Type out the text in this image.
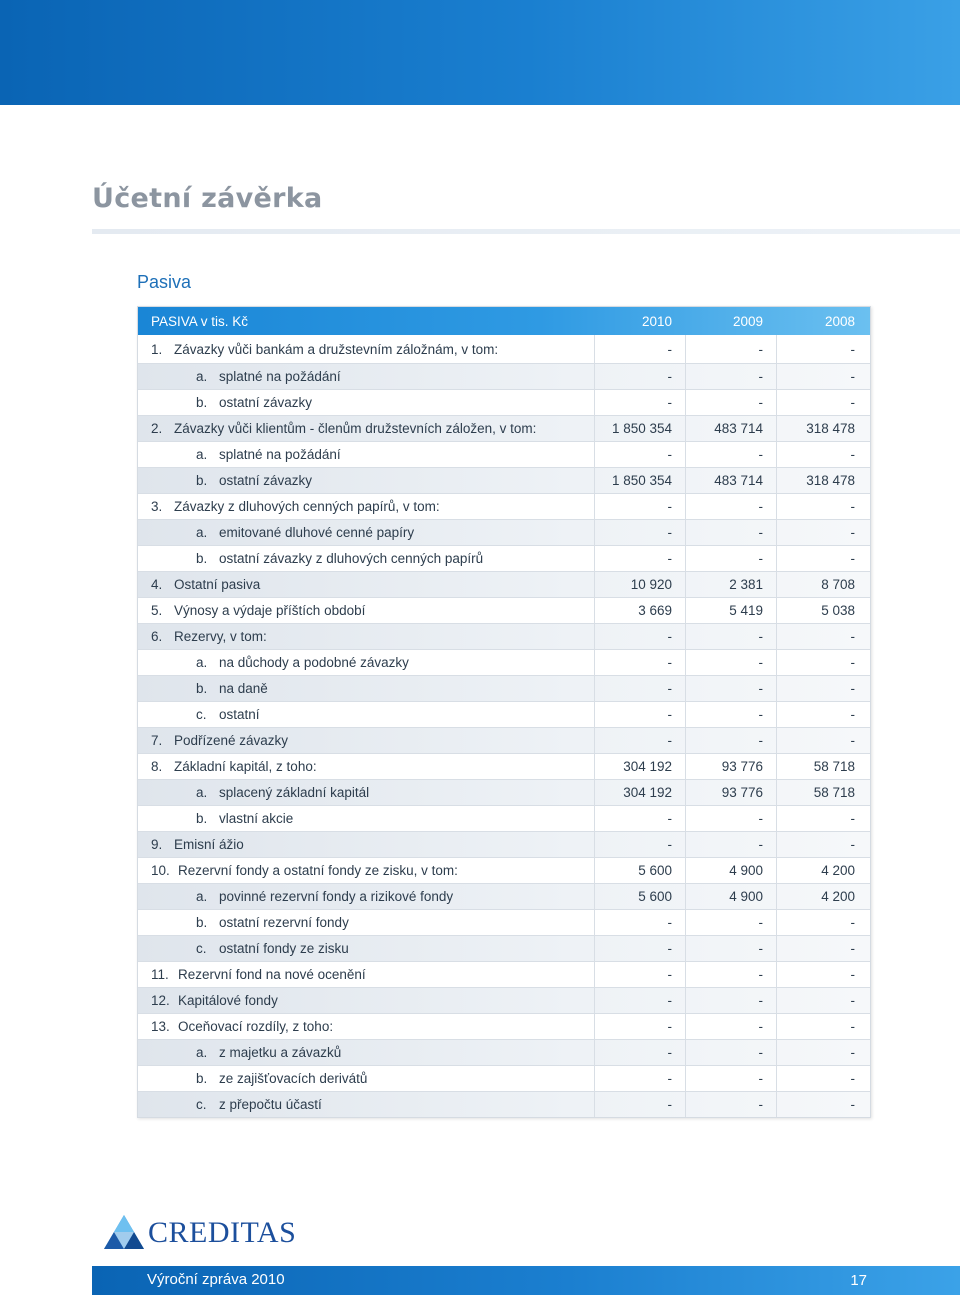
Účetní závěrka
Pasiva
PASIVA v tis. Kč	2010	2009	2008
1. Závazky vůči bankám a družstevním záložnám, v tom:	-	-	-
a. splatné na požádání	-	-	-
b. ostatní závazky	-	-	-
2. Závazky vůči klientům - členům družstevních záložen, v tom:	1 850 354	483 714	318 478
a. splatné na požádání	-	-	-
b. ostatní závazky	1 850 354	483 714	318 478
3. Závazky z dluhových cenných papírů, v tom:	-	-	-
a. emitované dluhové cenné papíry	-	-	-
b. ostatní závazky z dluhových cenných papírů	-	-	-
4. Ostatní pasiva	10 920	2 381	8 708
5. Výnosy a výdaje příštích období	3 669	5 419	5 038
6. Rezervy, v tom:	-	-	-
a. na důchody a podobné závazky	-	-	-
b. na daně	-	-	-
c. ostatní	-	-	-
7. Podřízené závazky	-	-	-
8. Základní kapitál, z toho:	304 192	93 776	58 718
a. splacený základní kapitál	304 192	93 776	58 718
b. vlastní akcie	-	-	-
9. Emisní ážio	-	-	-
10. Rezervní fondy a ostatní fondy ze zisku, v tom:	5 600	4 900	4 200
a. povinné rezervní fondy a rizikové fondy	5 600	4 900	4 200
b. ostatní rezervní fondy	-	-	-
c. ostatní fondy ze zisku	-	-	-
11. Rezervní fond na nové ocenění	-	-	-
12. Kapitálové fondy	-	-	-
13. Oceňovací rozdíly, z toho:	-	-	-
a. z majetku a závazků	-	-	-
b. ze zajišťovacích derivátů	-	-	-
c. z přepočtu účastí	-	-	-
CREDITAS
Výroční zpráva 2010	17
